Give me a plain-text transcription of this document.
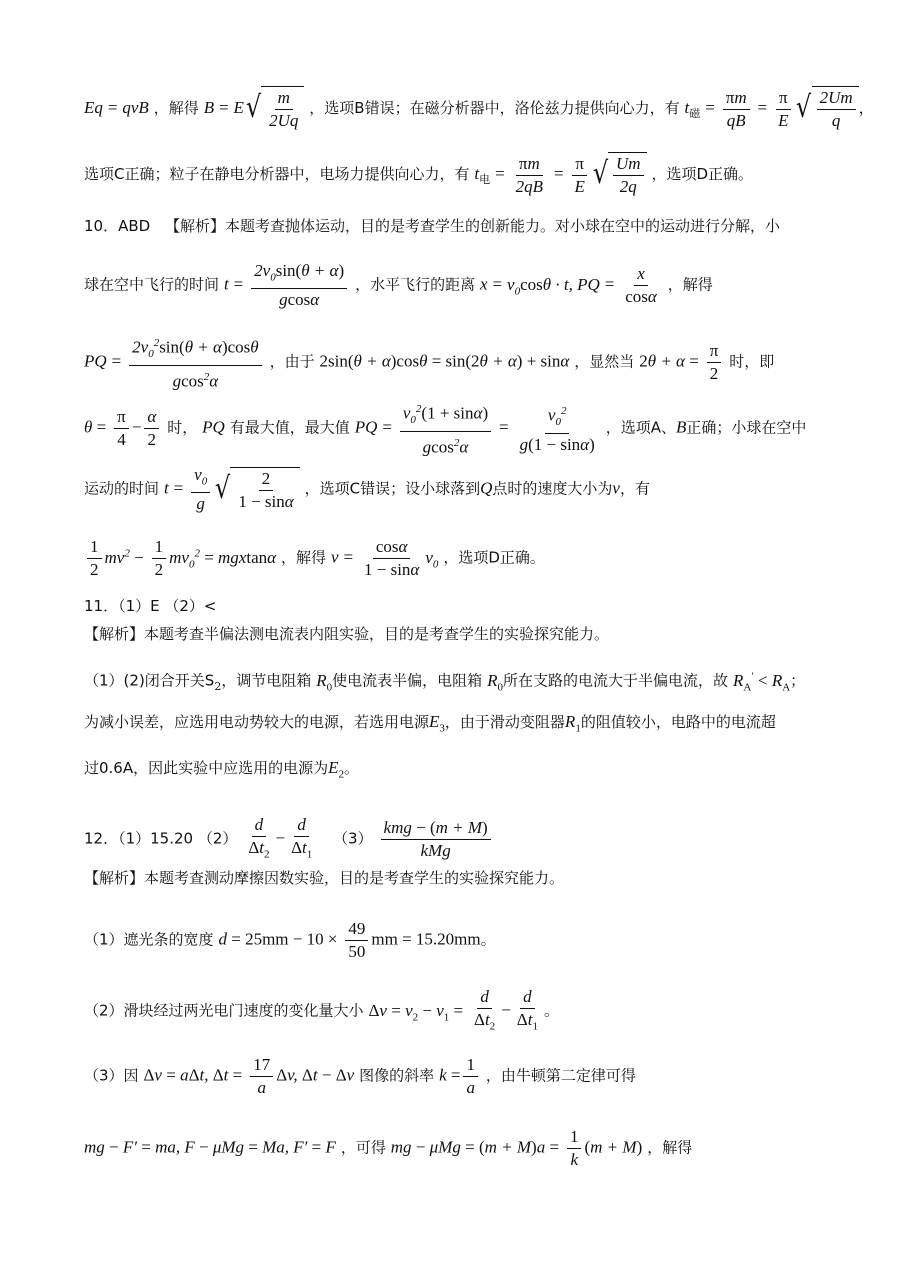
Eq = qvB ，解得 B = E √ $\frac{m}{2Uq}$ ，选项B错误；在磁分析器中，洛伦兹力提供向心力，有 $t_磁 = \frac{\pi m}{qB} = \frac{\pi}{E}$ √ $\frac{2Um}{q}$ ，
选项C正确；粒子在静电分析器中，电场力提供向心力，有 $t_电 = \frac{\pi m}{2qB} = \frac{\pi}{E}$ √ $\frac{Um}{2q}$ ，选项D正确。
10．ABD 【解析】本题考查抛体运动，目的是考查学生的创新能力。对小球在空中的运动进行分解，小
球在空中飞行的时间 $t = \frac{2v_0\sin(\theta + \alpha)}{gcos\alpha}$ ，水平飞行的距离 $x = v_0\cos\theta \cdot t$, PQ = $\frac{x}{\cos\alpha}$ ，解得
PQ = $\frac{2v_0^2\sin(\theta + \alpha)\cos\theta}{gcos^2\alpha}$ ，由于 2sin(θ + α)cosθ = sin(2θ + α) + sinα ，显然当 $2\theta + \alpha = \frac{\pi}{2}$ 时，即
$\theta = \frac{\pi}{4} - \frac{\alpha}{2}$ 时， PQ 有最大值，最大值 PQ = $\frac{v_0^2(1 + \sin\alpha)}{gcos^2\alpha} = \frac{v_0^2}{g(1 - \sin\alpha)}$ ，选项A、B正确；小球在空中
运动的时间 $t = \frac{v_0}{g}$ √ $\frac{2}{1 - \sin\alpha}$ ，选项C错误；设小球落到Q点时的速度大小为v，有
$\frac{1}{2} mv^2 - \frac{1}{2} mv_0^2 = mgxtan\alpha$ ，解得 $v = \frac{\cos\alpha}{1 - \sin\alpha} v_0$ ，选项D正确。
11．（1）E （2）<
【解析】本题考查半偏法测电流表内阻实验，目的是考查学生的实验探究能力。
（1）(2)闭合开关$S_2$，调节电阻箱 $R_0$使电流表半偏，电阻箱 $R_0$所在支路的电流大于半偏电流，故 $R_A' < R_A$；
为减小误差，应选用电动势较大的电源，若选用电源$E_3$，由于滑动变阻器$R_1$的阻值较小，电路中的电流超
过0.6A，因此实验中应选用的电源为$E_2$。
12．（1）15.20 $(2) \frac{d}{\Delta t_2} - \frac{d}{\Delta t_1} (3) \frac{\text{kmg − (m + M)}}{\text{kMg}}$
【解析】本题考查测动摩擦因数实验，目的是考查学生的实验探究能力。
（1）遮光条的宽度 $d = 25mm - 10 \times \frac{49}{50}$ mm = 15.20mm。
（2）滑块经过两光电门速度的变化量大小 $\Delta v = v_2 - v_1 = \frac{d}{\Delta t_2} - \frac{d}{\Delta t_1}$ 。
（3）因 Δv = aΔt, $\Delta t = \frac{17}{a} \Delta v$, Δt − Δv 图像的斜率 $k = \frac{1}{a}$ ，由牛顿第二定律可得
mg − F′ = ma, F − μMg = Ma, F′ = F ，可得 mg − $\mu Mg = (m + M)a = \frac{1}{k} (m + M)$ ，解得
